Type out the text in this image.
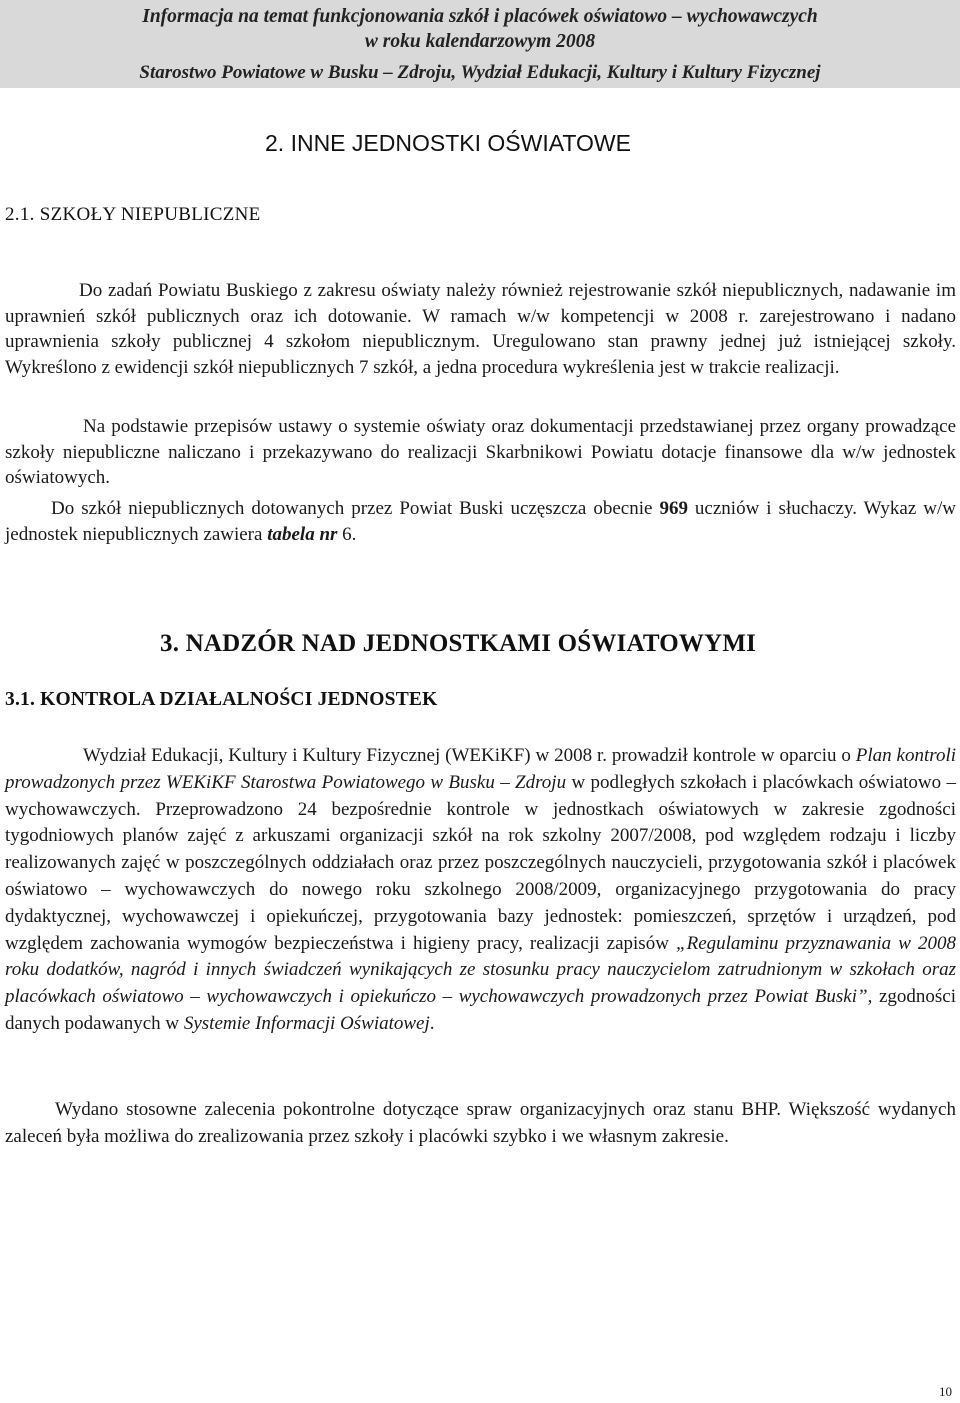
Informacja na temat funkcjonowania szkół i placówek oświatowo – wychowawczych
w roku kalendarzowym 2008
Starostwo Powiatowe w Busku – Zdroju, Wydział Edukacji, Kultury i Kultury Fizycznej
2. INNE JEDNOSTKI OŚWIATOWE
2.1. SZKOŁY NIEPUBLICZNE
Do zadań Powiatu Buskiego z zakresu oświaty należy również rejestrowanie szkół niepublicznych, nadawanie im uprawnień szkół publicznych oraz ich dotowanie. W ramach w/w kompetencji w 2008 r. zarejestrowano i nadano uprawnienia szkoły publicznej 4 szkołom niepublicznym. Uregulowano stan prawny jednej już istniejącej szkoły. Wykreślono z ewidencji szkół niepublicznych 7 szkół, a jedna procedura wykreślenia jest w trakcie realizacji.
Na podstawie przepisów ustawy o systemie oświaty oraz dokumentacji przedstawianej przez organy prowadzące szkoły niepubliczne naliczano i przekazywano do realizacji Skarbnikowi Powiatu dotacje finansowe dla w/w jednostek oświatowych.
Do szkół niepublicznych dotowanych przez Powiat Buski uczęszcza obecnie 969 uczniów i słuchaczy. Wykaz w/w jednostek niepublicznych zawiera tabela nr 6.
3. NADZÓR NAD JEDNOSTKAMI OŚWIATOWYMI
3.1. KONTROLA DZIAŁALNOŚCI JEDNOSTEK
Wydział Edukacji, Kultury i Kultury Fizycznej (WEKiKF) w 2008 r. prowadził kontrole w oparciu o Plan kontroli prowadzonych przez WEKiKF Starostwa Powiatowego w Busku – Zdroju w podległych szkołach i placówkach oświatowo – wychowawczych. Przeprowadzono 24 bezpośrednie kontrole w jednostkach oświatowych w zakresie zgodności tygodniowych planów zajęć z arkuszami organizacji szkół na rok szkolny 2007/2008, pod względem rodzaju i liczby realizowanych zajęć w poszczególnych oddziałach oraz przez poszczególnych nauczycieli, przygotowania szkół i placówek oświatowo – wychowawczych do nowego roku szkolnego 2008/2009, organizacyjnego przygotowania do pracy dydaktycznej, wychowawczej i opiekuńczej, przygotowania bazy jednostek: pomieszczeń, sprzętów i urządzeń, pod względem zachowania wymogów bezpieczeństwa i higieny pracy, realizacji zapisów „Regulaminu przyznawania w 2008 roku dodatków, nagród i innych świadczeń wynikających ze stosunku pracy nauczycielom zatrudnionym w szkołach oraz placówkach oświatowo – wychowawczych i opiekuńczo – wychowawczych prowadzonych przez Powiat Buski”, zgodności danych podawanych w Systemie Informacji Oświatowej.
Wydano stosowne zalecenia pokontrolne dotyczące spraw organizacyjnych oraz stanu BHP. Większość wydanych zaleceń była możliwa do zrealizowania przez szkoły i placówki szybko i we własnym zakresie.
10
